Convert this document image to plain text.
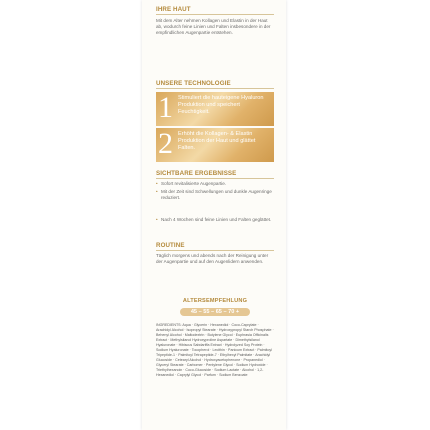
IHRE HAUT
Mit dem Alter nehmen Kollagen und Elastin in der Haut ab, wodurch feine Linien und Falten insbesondere in der empfindlichen Augenpartie entstehen.
UNSERE TECHNOLOGIE
1 Stimuliert die hauteigene Hyaluron Produktion und speichert Feuchtigkeit.
2 Erhöht die Kollagen- & Elastin Produktion der Haut und glättet Falten.
SICHTBARE ERGEBNISSE
• Sofort revitalisierte Augenpartie.
• Mit der Zeit sind Schwellungen und dunkle Augenringe reduziert.
• Nach 4 Wochen sind feine Linien und Falten geglättet.
ROUTINE
Täglich morgens und abends nach der Reinigung unter der Augenpartie und auf den Augenlidern anwenden.
ALTERSEMPFEHLUNG
45 – 55 – 65 – 70 +
INGREDIENTS: Aqua · Glycerin · Hexanediol · Coco-Caprylate · Arachidyl Alcohol · Isopropyl Stearate · Hydroxypropyl Starch Phosphate · Behenyl Alcohol · Maltodextrin · Butylene Glycol · Euphrasia Officinalis Extract · Methylsilanol Hydroxyproline Aspartate · Dimethylsilanol Hyaluronate · Hibiscus Sabdariffa Extract · Hydrolyzed Soy Protein · Sodium Hyaluronate · Tocopherol · Lecithin · Panicum Extract · Palmitoyl Tripeptide-1 · Palmitoyl Tetrapeptide-7 · Ethylhexyl Palmitate · Arachidyl Glucoside · Cetearyl Alcohol · Hydroxyacetophenone · Propanediol · Glyceryl Stearate · Carbomer · Pentylene Glycol · Sodium Hydroxide · Triethylhexanoin · Coco-Glucoside · Sodium Lactate · Alcohol · 1,2-Hexanediol · Caprylyl Glycol · Parfum · Sodium Benzoate
